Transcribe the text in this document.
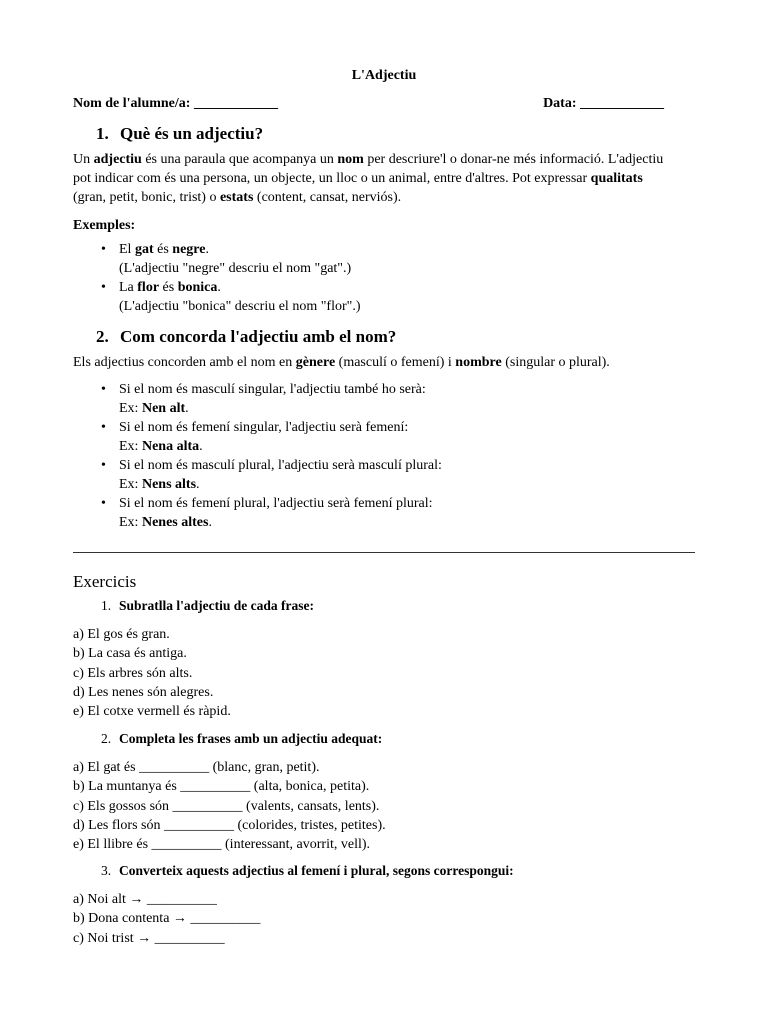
L'Adjectiu
Nom de l'alumne/a: ____________	Data: ____________
1. Què és un adjectiu?
Un adjectiu és una paraula que acompanya un nom per descriure'l o donar-ne més informació. L'adjectiu pot indicar com és una persona, un objecte, un lloc o un animal, entre d'altres. Pot expressar qualitats (gran, petit, bonic, trist) o estats (content, cansat, nerviós).
Exemples:
• El gat és negre.
(L'adjectiu "negre" descriu el nom "gat".)
• La flor és bonica.
(L'adjectiu "bonica" descriu el nom "flor".)
2. Com concorda l'adjectiu amb el nom?
Els adjectius concorden amb el nom en gènere (masculí o femení) i nombre (singular o plural).
• Si el nom és masculí singular, l'adjectiu també ho serà:
Ex: Nen alt.
• Si el nom és femení singular, l'adjectiu serà femení:
Ex: Nena alta.
• Si el nom és masculí plural, l'adjectiu serà masculí plural:
Ex: Nens alts.
• Si el nom és femení plural, l'adjectiu serà femení plural:
Ex: Nenes altes.
Exercicis
1. Subratlla l'adjectiu de cada frase:
a) El gos és gran.
b) La casa és antiga.
c) Els arbres són alts.
d) Les nenes són alegres.
e) El cotxe vermell és ràpid.
2. Completa les frases amb un adjectiu adequat:
a) El gat és __________ (blanc, gran, petit).
b) La muntanya és __________ (alta, bonica, petita).
c) Els gossos són __________ (valents, cansats, lents).
d) Les flors són __________ (colorides, tristes, petites).
e) El llibre és __________ (interessant, avorrit, vell).
3. Converteix aquests adjectius al femení i plural, segons correspongui:
a) Noi alt → __________
b) Dona contenta → __________
c) Noi trist → __________
